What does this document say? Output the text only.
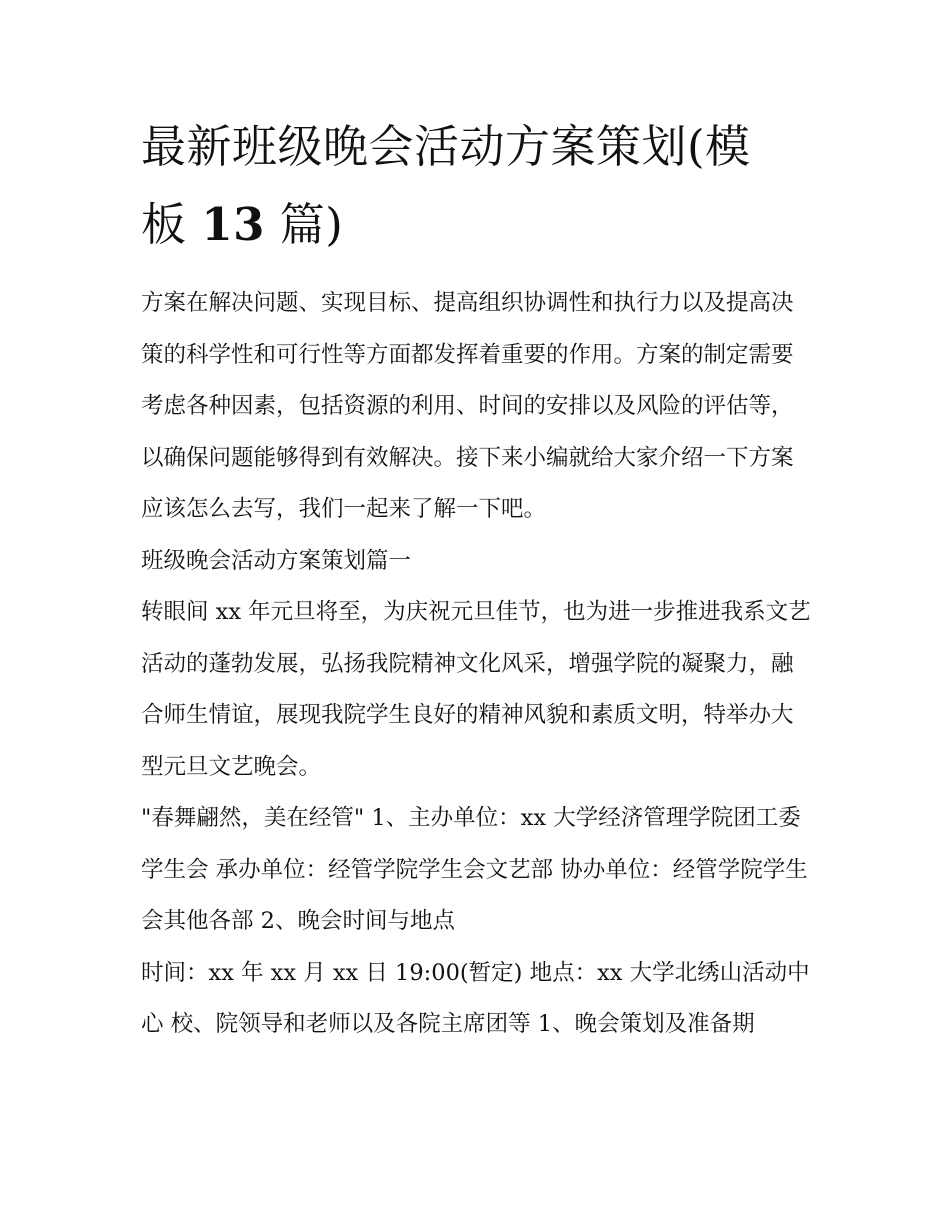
最新班级晚会活动方案策划(模
板 13 篇)

方案在解决问题、实现目标、提高组织协调性和执行力以及提高决策的科学性和可行性等方面都发挥着重要的作用。方案的制定需要考虑各种因素，包括资源的利用、时间的安排以及风险的评估等，以确保问题能够得到有效解决。接下来小编就给大家介绍一下方案应该怎么去写，我们一起来了解一下吧。

班级晚会活动方案策划篇一

转眼间 xx 年元旦将至，为庆祝元旦佳节，也为进一步推进我系文艺活动的蓬勃发展，弘扬我院精神文化风采，增强学院的凝聚力，融合师生情谊，展现我院学生良好的精神风貌和素质文明，特举办大型元旦文艺晚会。

"春舞翩然，美在经管" 1、主办单位：xx 大学经济管理学院团工委学生会 承办单位：经管学院学生会文艺部 协办单位：经管学院学生会其他各部 2、晚会时间与地点

时间：xx 年 xx 月 xx 日 19:00(暂定) 地点：xx 大学北绣山活动中心 校、院领导和老师以及各院主席团等 1、晚会策划及准备期
